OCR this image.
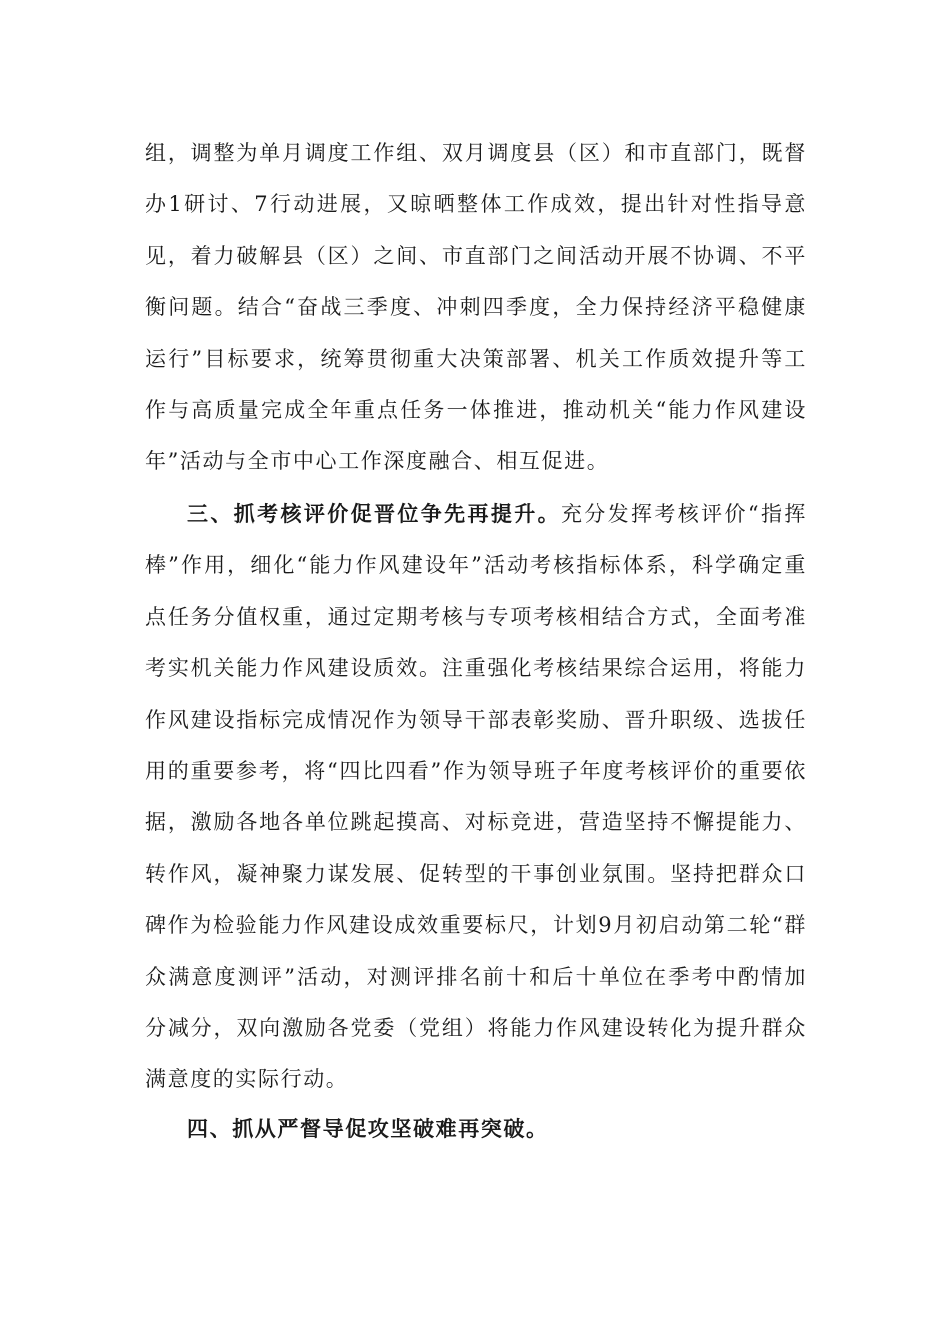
组，调整为单月调度工作组、双月调度县（区）和市直部门，既督办1研讨、7行动进展，又晾晒整体工作成效，提出针对性指导意见，着力破解县（区）之间、市直部门之间活动开展不协调、不平衡问题。结合“奋战三季度、冲刺四季度，全力保持经济平稳健康运行”目标要求，统筹贯彻重大决策部署、机关工作质效提升等工作与高质量完成全年重点任务一体推进，推动机关“能力作风建设年”活动与全市中心工作深度融合、相互促进。

三、抓考核评价促晋位争先再提升。充分发挥考核评价“指挥棒”作用，细化“能力作风建设年”活动考核指标体系，科学确定重点任务分值权重，通过定期考核与专项考核相结合方式，全面考准考实机关能力作风建设质效。注重强化考核结果综合运用，将能力作风建设指标完成情况作为领导干部表彰奖励、晋升职级、选拔任用的重要参考，将“四比四看”作为领导班子年度考核评价的重要依据，激励各地各单位跳起摸高、对标竞进，营造坚持不懈提能力、转作风，凝神聚力谋发展、促转型的干事创业氛围。坚持把群众口碑作为检验能力作风建设成效重要标尺，计划9月初启动第二轮“群众满意度测评”活动，对测评排名前十和后十单位在季考中酌情加分减分，双向激励各党委（党组）将能力作风建设转化为提升群众满意度的实际行动。

四、抓从严督导促攻坚破难再突破。
